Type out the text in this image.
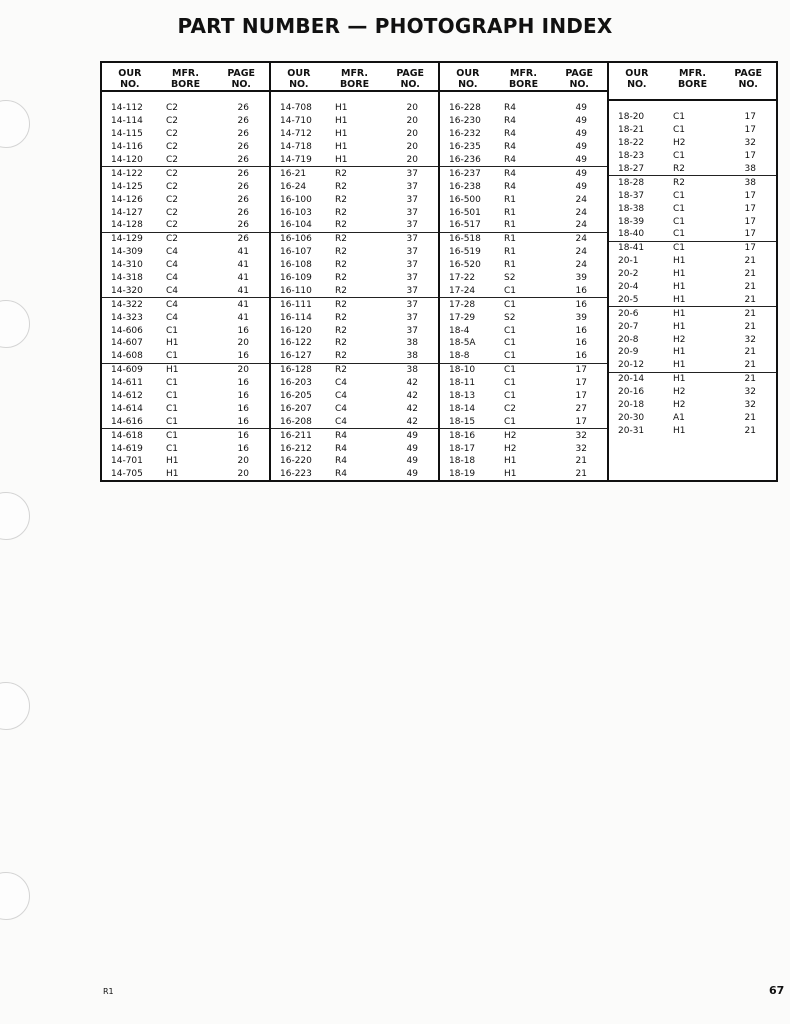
PART NUMBER — PHOTOGRAPH INDEX
OUR
NO.
MFR.
BORE
PAGE
NO.
14-112	C2	26
14-114	C2	26
14-115	C2	26
14-116	C2	26
14-120	C2	26
14-122	C2	26
14-125	C2	26
14-126	C2	26
14-127	C2	26
14-128	C2	26
14-129	C2	26
14-309	C4	41
14-310	C4	41
14-318	C4	41
14-320	C4	41
14-322	C4	41
14-323	C4	41
14-606	C1	16
14-607	H1	20
14-608	C1	16
14-609	H1	20
14-611	C1	16
14-612	C1	16
14-614	C1	16
14-616	C1	16
14-618	C1	16
14-619	C1	16
14-701	H1	20
14-705	H1	20
OUR
NO.
MFR.
BORE
PAGE
NO.
14-708	H1	20
14-710	H1	20
14-712	H1	20
14-718	H1	20
14-719	H1	20
16-21	R2	37
16-24	R2	37
16-100	R2	37
16-103	R2	37
16-104	R2	37
16-106	R2	37
16-107	R2	37
16-108	R2	37
16-109	R2	37
16-110	R2	37
16-111	R2	37
16-114	R2	37
16-120	R2	37
16-122	R2	38
16-127	R2	38
16-128	R2	38
16-203	C4	42
16-205	C4	42
16-207	C4	42
16-208	C4	42
16-211	R4	49
16-212	R4	49
16-220	R4	49
16-223	R4	49
OUR
NO.
MFR.
BORE
PAGE
NO.
16-228	R4	49
16-230	R4	49
16-232	R4	49
16-235	R4	49
16-236	R4	49
16-237	R4	49
16-238	R4	49
16-500	R1	24
16-501	R1	24
16-517	R1	24
16-518	R1	24
16-519	R1	24
16-520	R1	24
17-22	S2	39
17-24	C1	16
17-28	C1	16
17-29	S2	39
18-4	C1	16
18-5A	C1	16
18-8	C1	16
18-10	C1	17
18-11	C1	17
18-13	C1	17
18-14	C2	27
18-15	C1	17
18-16	H2	32
18-17	H2	32
18-18	H1	21
18-19	H1	21
OUR
NO.
MFR.
BORE
PAGE
NO.
18-20	C1	17
18-21	C1	17
18-22	H2	32
18-23	C1	17
18-27	R2	38
18-28	R2	38
18-37	C1	17
18-38	C1	17
18-39	C1	17
18-40	C1	17
18-41	C1	17
20-1	H1	21
20-2	H1	21
20-4	H1	21
20-5	H1	21
20-6	H1	21
20-7	H1	21
20-8	H2	32
20-9	H1	21
20-12	H1	21
20-14	H1	21
20-16	H2	32
20-18	H2	32
20-30	A1	21
20-31	H1	21
R1	67
